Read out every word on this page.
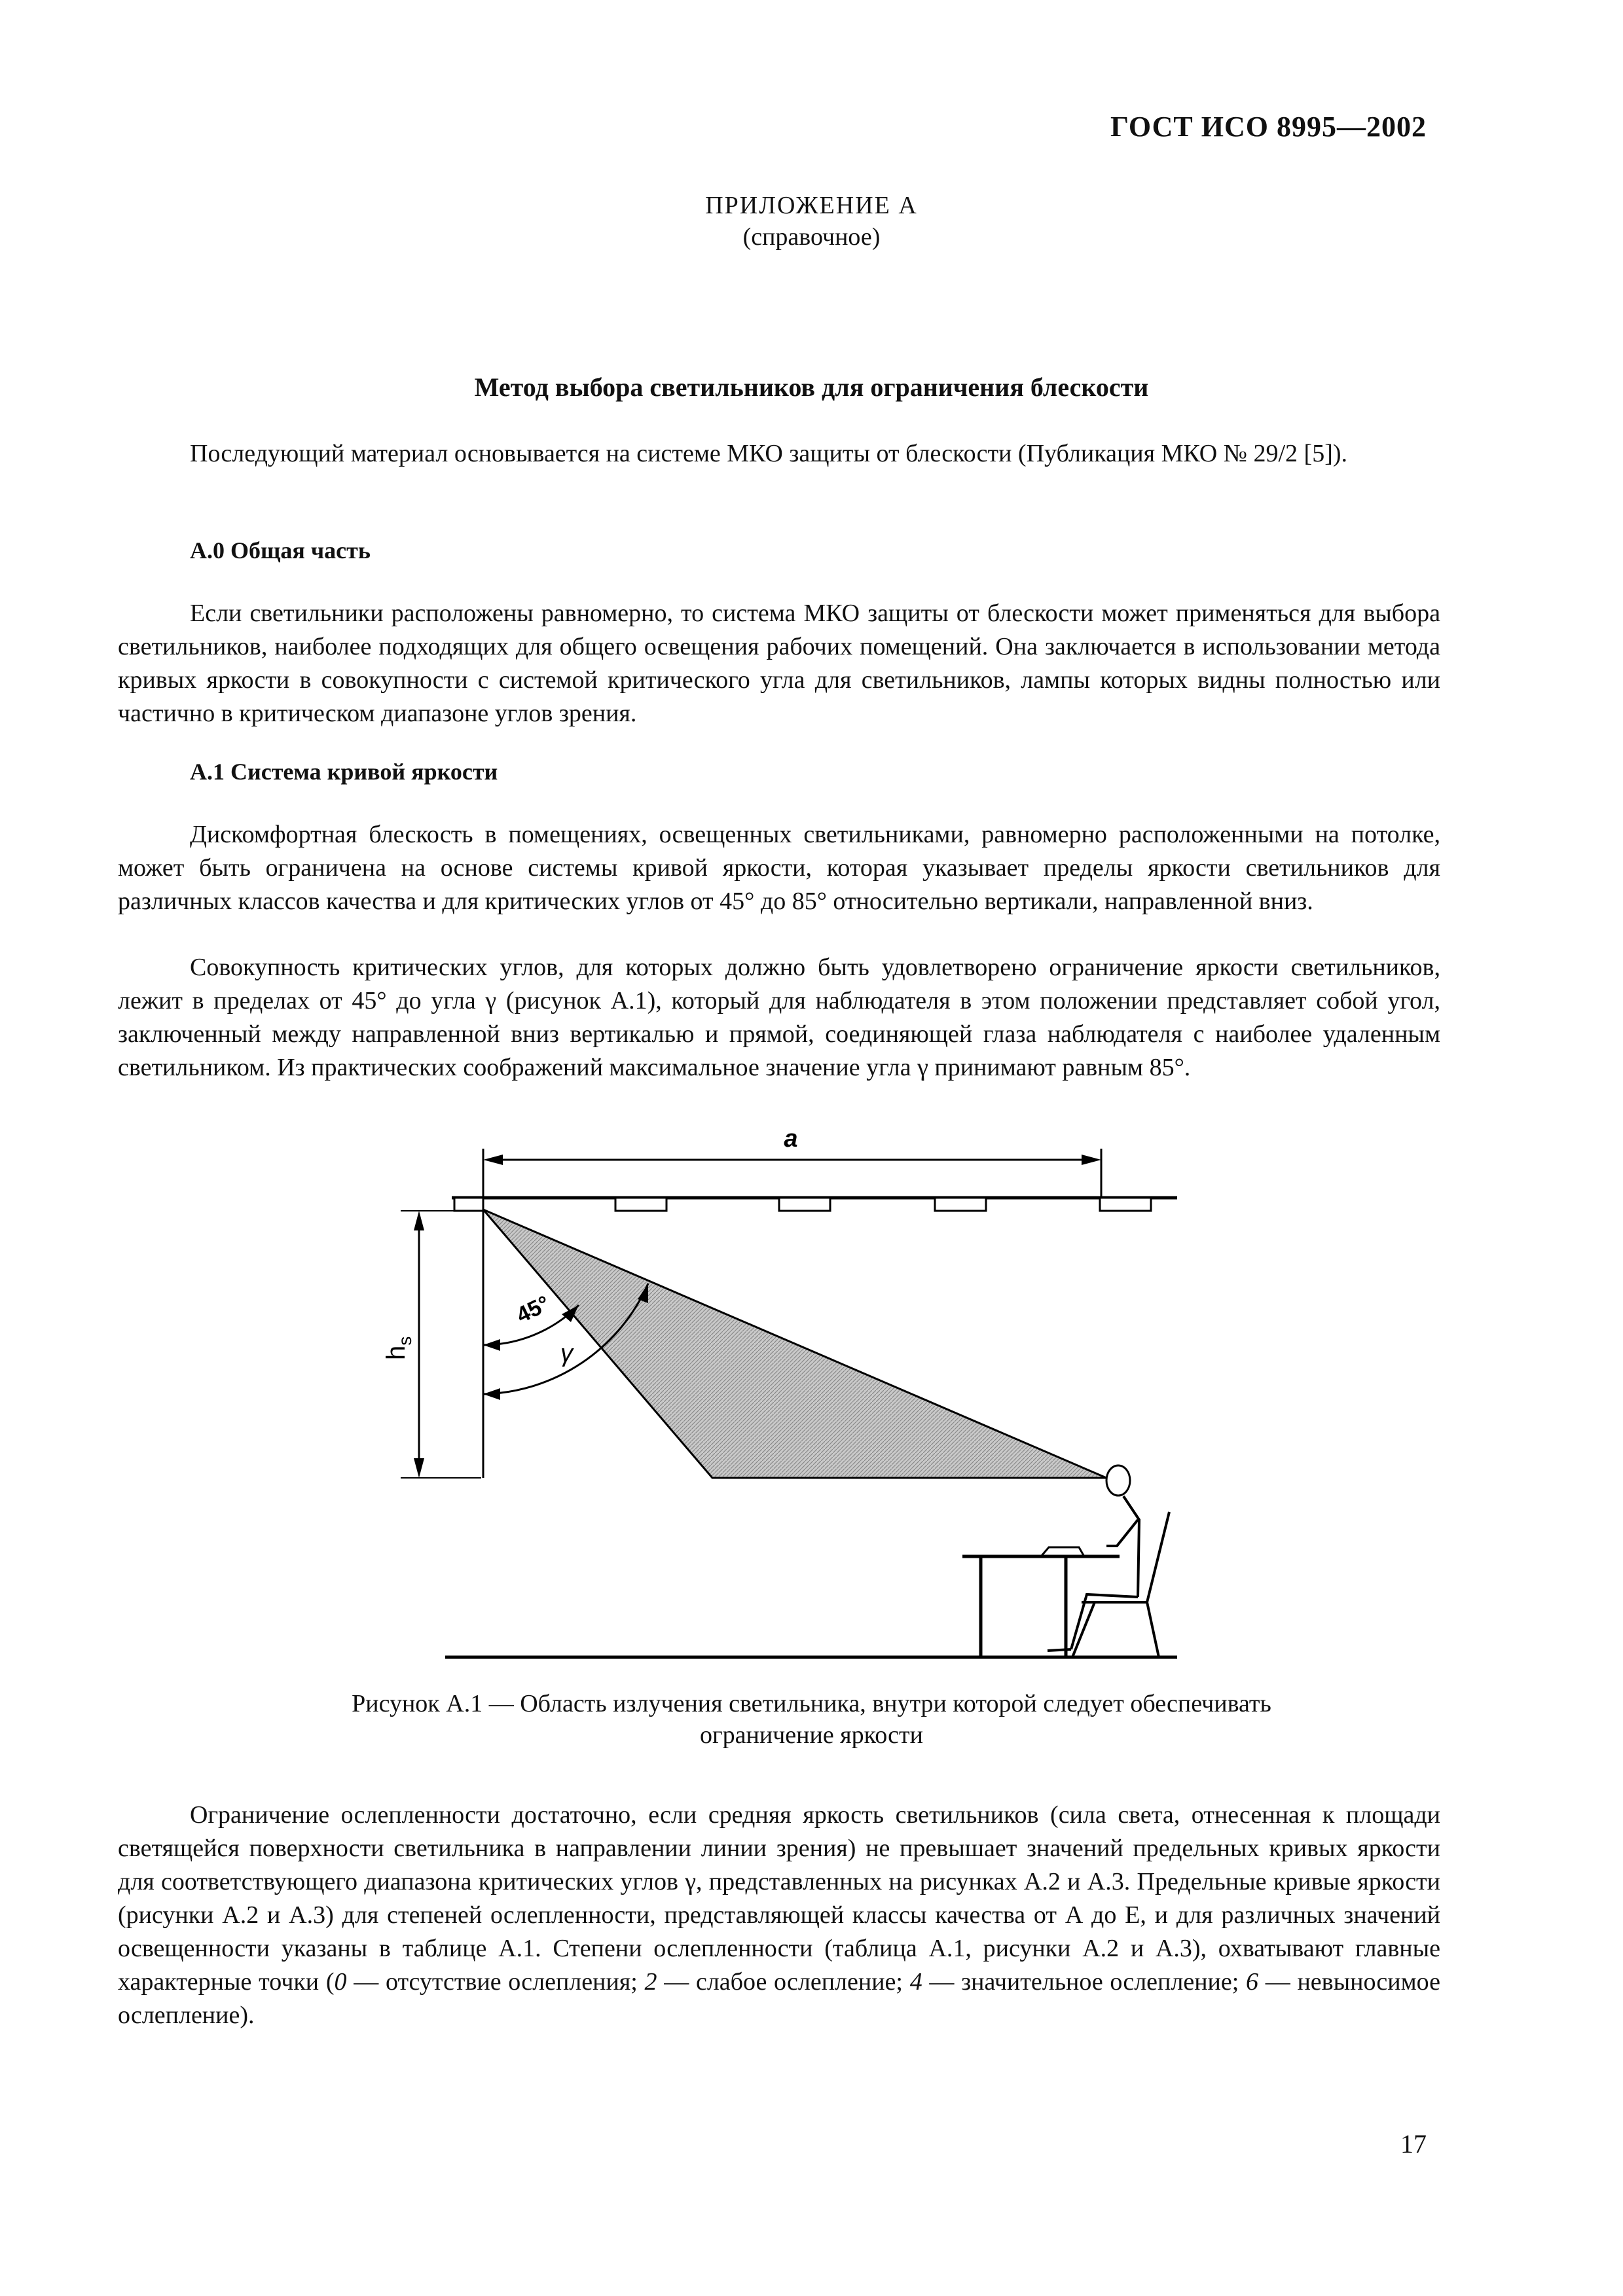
ГОСТ ИСО 8995—2002
ПРИЛОЖЕНИЕ А
(справочное)
Метод выбора светильников для ограничения блескости

Последующий материал основывается на системе МКО защиты от блескости (Публикация МКО № 29/2 [5]).

А.0 Общая часть

Если светильники расположены равномерно, то система МКО защиты от блескости может применяться для выбора светильников, наиболее подходящих для общего освещения рабочих помещений. Она заключается в использовании метода кривых яркости в совокупности с системой критического угла для светильников, лампы которых видны полностью или частично в критическом диапазоне углов зрения.

А.1 Система кривой яркости

Дискомфортная блескость в помещениях, освещенных светильниками, равномерно расположенными на потолке, может быть ограничена на основе системы кривой яркости, которая указывает пределы яркости светильников для различных классов качества и для критических углов от 45° до 85° относительно вертикали, направленной вниз.

Совокупность критических углов, для которых должно быть удовлетворено ограничение яркости светильников, лежит в пределах от 45° до угла γ (рисунок А.1), который для наблюдателя в этом положении представляет собой угол, заключенный между направленной вниз вертикалью и прямой, соединяющей глаза наблюдателя с наиболее удаленным светильником. Из практических соображений максимальное значение угла γ принимают равным 85°.

a
$h_s$
45°
γ
Рисунок А.1 — Область излучения светильника, внутри которой следует обеспечивать
ограничение яркости

Ограничение ослепленности достаточно, если средняя яркость светильников (сила света, отнесенная к площади светящейся поверхности светильника в направлении линии зрения) не превышает значений предельных кривых яркости для соответствующего диапазона критических углов γ, представленных на рисунках А.2 и А.3. Предельные кривые яркости (рисунки А.2 и А.3) для степеней ослепленности, представляющей классы качества от А до Е, и для различных значений освещенности указаны в таблице А.1. Степени ослепленности (таблица А.1, рисунки А.2 и А.3), охватывают главные характерные точки (0 — отсутствие ослепления; 2 — слабое ослепление; 4 — значительное ослепление; 6 — невыносимое ослепление).

17
